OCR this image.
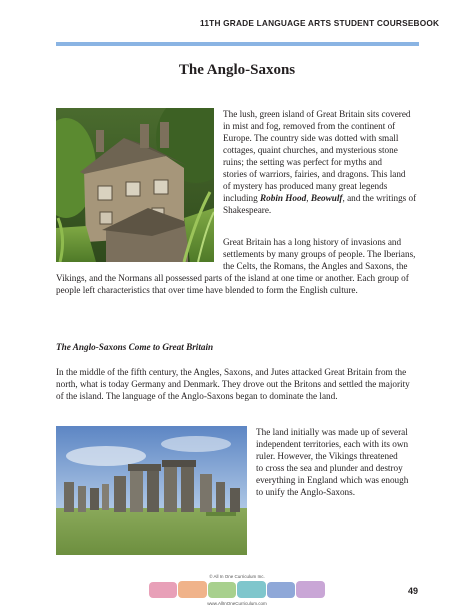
11TH GRADE LANGUAGE ARTS STUDENT COURSEBOOK
The Anglo-Saxons
The lush, green island of Great Britain sits covered
in mist and fog, removed from the continent of
Europe. The country side was dotted with small
cottages, quaint churches, and mysterious stone
ruins; the setting was perfect for myths and
stories of warriors, fairies, and dragons. This land
of mystery has produced many great legends
including Robin Hood, Beowulf, and the writings of
Shakespeare.
Great Britain has a long history of invasions and
settlements by many groups of people. The Iberians,
the Celts, the Romans, the Angles and Saxons, the
Vikings, and the Normans all possessed parts of the island at one time or another. Each group of
people left characteristics that over time have blended to form the English culture.
The Anglo-Saxons Come to Great Britain
In the middle of the fifth century, the Angles, Saxons, and Jutes attacked Great Britain from the
north, what is today Germany and Denmark. They drove out the Britons and settled the majority
of the island. The language of the Anglo-Saxons began to dominate the land.
The land initially was made up of several
independent territories, each with its own
ruler. However, the Vikings threatened
to cross the sea and plunder and destroy
everything in England which was enough
to unify the Anglo-Saxons.
© All In One Curriculum Inc.
www.AllInOneCurriculum.com
49
